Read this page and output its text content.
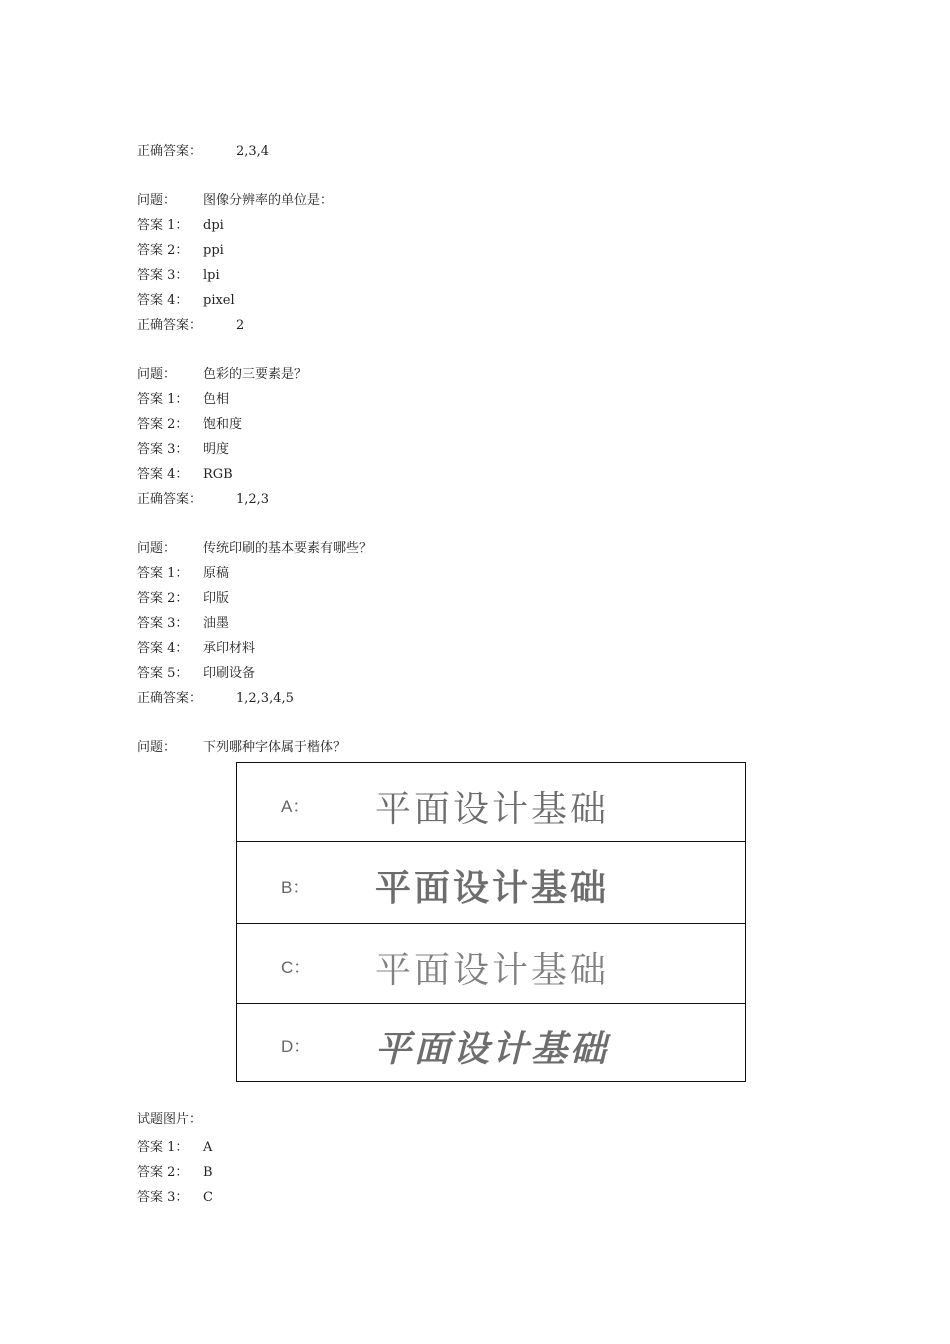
正确答案：	2,3,4
问题： 图像分辨率的单位是：
答案 1： dpi
答案 2： ppi
答案 3： lpi
答案 4： pixel
正确答案：	2
问题： 色彩的三要素是？
答案 1： 色相
答案 2： 饱和度
答案 3： 明度
答案 4： RGB
正确答案：	1,2,3
问题： 传统印刷的基本要素有哪些？
答案 1： 原稿
答案 2： 印版
答案 3： 油墨
答案 4： 承印材料
答案 5： 印刷设备
正确答案：	1,2,3,4,5
问题： 下列哪种字体属于楷体？
A： 平面设计基础
B： 平面设计基础
C： 平面设计基础
D： 平面设计基础
试题图片：
答案 1： A
答案 2： B
答案 3： C
